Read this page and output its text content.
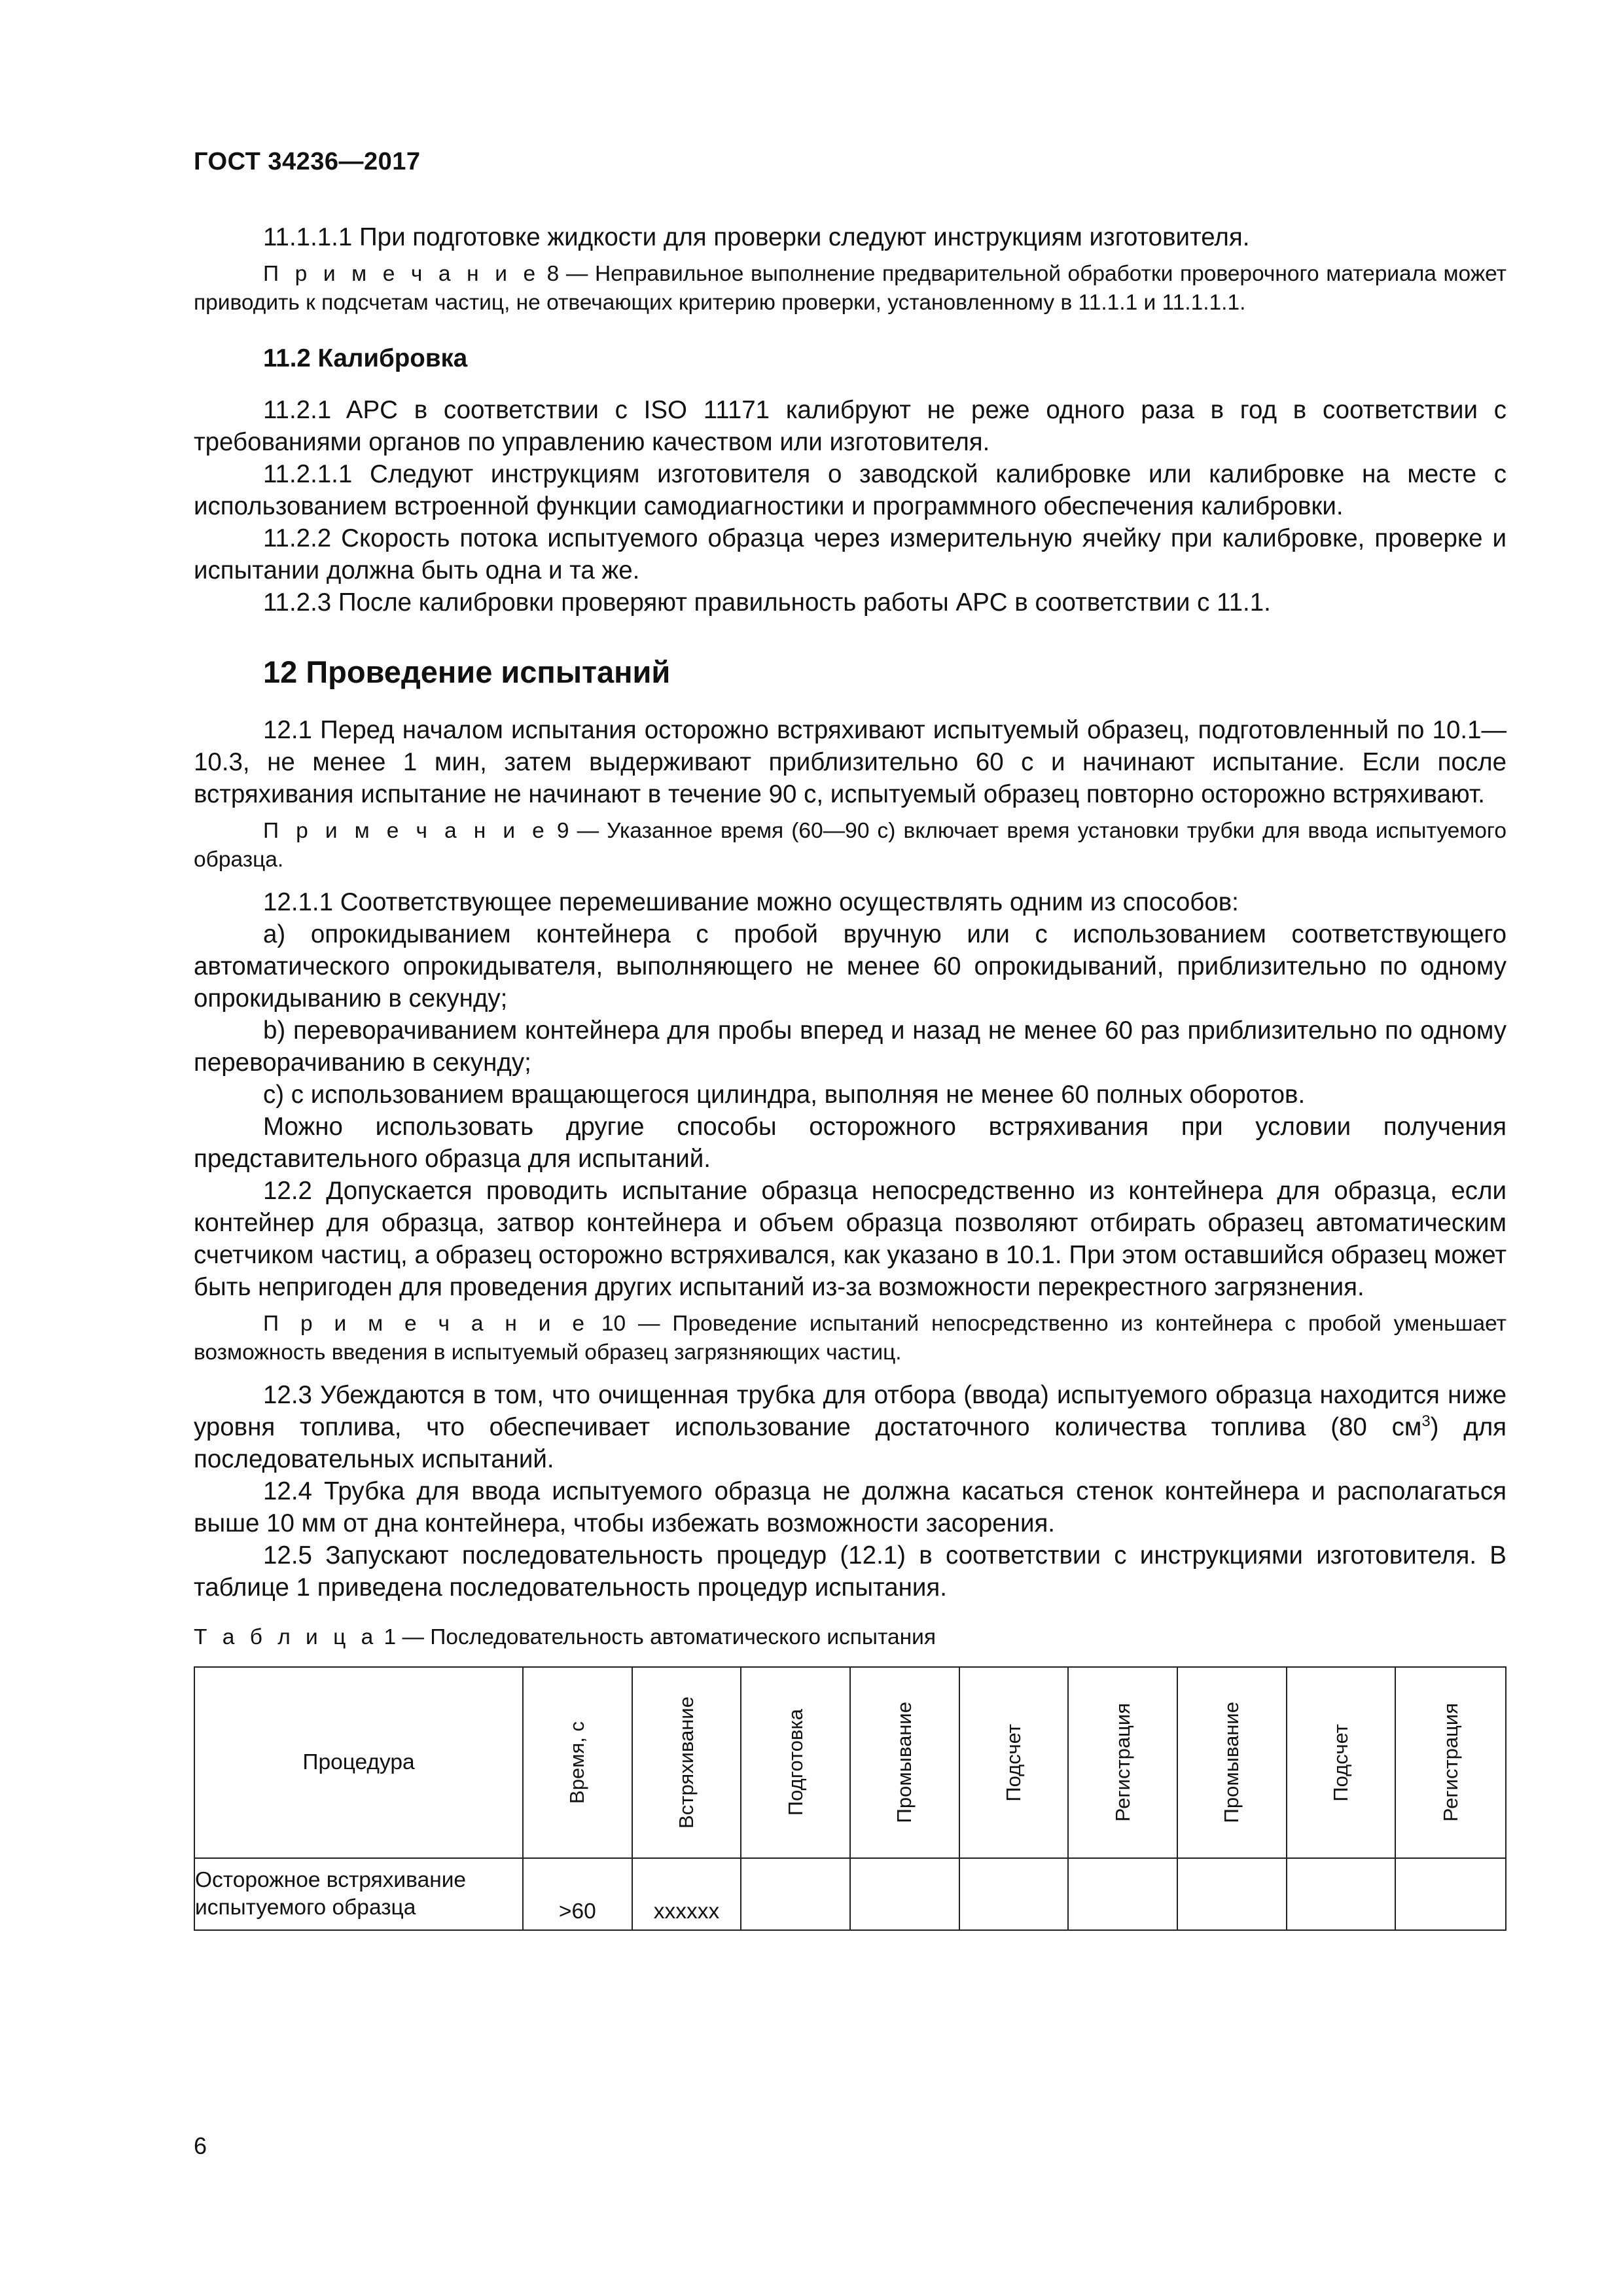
ГОСТ 34236—2017

11.1.1.1 При подготовке жидкости для проверки следуют инструкциям изготовителя.

П р и м е ч а н и е 8 — Неправильное выполнение предварительной обработки проверочного материала может приводить к подсчетам частиц, не отвечающих критерию проверки, установленному в 11.1.1 и 11.1.1.1.

11.2 Калибровка

11.2.1 APC в соответствии с ISO 11171 калибруют не реже одного раза в год в соответствии с требованиями органов по управлению качеством или изготовителя.

11.2.1.1 Следуют инструкциям изготовителя о заводской калибровке или калибровке на месте с использованием встроенной функции самодиагностики и программного обеспечения калибровки.

11.2.2 Скорость потока испытуемого образца через измерительную ячейку при калибровке, проверке и испытании должна быть одна и та же.

11.2.3 После калибровки проверяют правильность работы APC в соответствии с 11.1.

12 Проведение испытаний

12.1 Перед началом испытания осторожно встряхивают испытуемый образец, подготовленный по 10.1—10.3, не менее 1 мин, затем выдерживают приблизительно 60 с и начинают испытание. Если после встряхивания испытание не начинают в течение 90 с, испытуемый образец повторно осторожно встряхивают.

П р и м е ч а н и е 9 — Указанное время (60—90 с) включает время установки трубки для ввода испытуемого образца.

12.1.1 Соответствующее перемешивание можно осуществлять одним из способов:

а) опрокидыванием контейнера с пробой вручную или с использованием соответствующего автоматического опрокидывателя, выполняющего не менее 60 опрокидываний, приблизительно по одному опрокидыванию в секунду;

b) переворачиванием контейнера для пробы вперед и назад не менее 60 раз приблизительно по одному переворачиванию в секунду;

c) с использованием вращающегося цилиндра, выполняя не менее 60 полных оборотов.

Можно использовать другие способы осторожного встряхивания при условии получения представительного образца для испытаний.

12.2 Допускается проводить испытание образца непосредственно из контейнера для образца, если контейнер для образца, затвор контейнера и объем образца позволяют отбирать образец автоматическим счетчиком частиц, а образец осторожно встряхивался, как указано в 10.1. При этом оставшийся образец может быть непригоден для проведения других испытаний из-за возможности перекрестного загрязнения.

П р и м е ч а н и е 10 — Проведение испытаний непосредственно из контейнера с пробой уменьшает возможность введения в испытуемый образец загрязняющих частиц.

12.3 Убеждаются в том, что очищенная трубка для отбора (ввода) испытуемого образца находится ниже уровня топлива, что обеспечивает использование достаточного количества топлива (80 $см^3$) для последовательных испытаний.

12.4 Трубка для ввода испытуемого образца не должна касаться стенок контейнера и располагаться выше 10 мм от дна контейнера, чтобы избежать возможности засорения.

12.5 Запускают последовательность процедур (12.1) в соответствии с инструкциями изготовителя. В таблице 1 приведена последовательность процедур испытания.

Т а б л и ц а 1 — Последовательность автоматического испытания

Процедура	Время, с	Встряхивание	Подготовка	Промывание	Подсчет	Регистрация	Промывание	Подсчет	Регистрация

Осторожное встряхивание испытуемого образца	>60	xxxxxx							
6
